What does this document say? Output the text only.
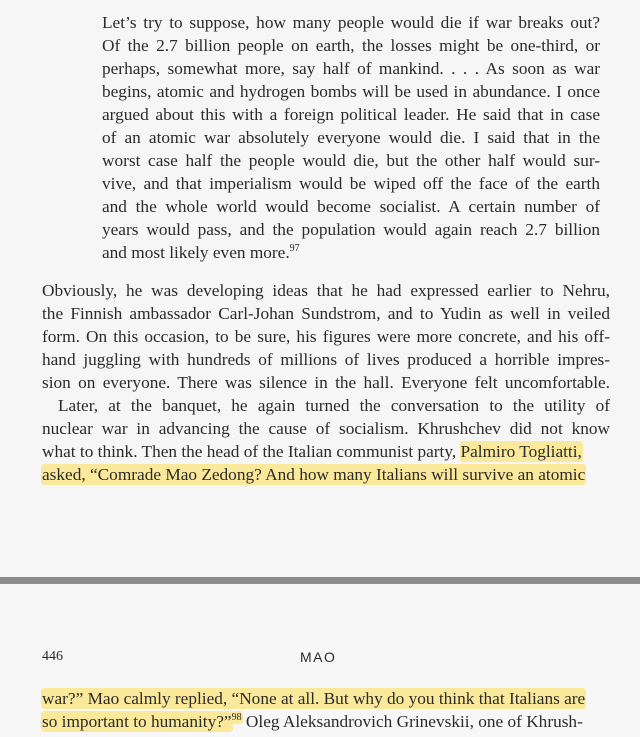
Let’s try to suppose, how many people would die if war breaks out?
Of the 2.7 billion people on earth, the losses might be one-third, or
perhaps, somewhat more, say half of mankind. . . . As soon as war
begins, atomic and hydrogen bombs will be used in abundance. I once
argued about this with a foreign political leader. He said that in case
of an atomic war absolutely everyone would die. I said that in the
worst case half the people would die, but the other half would sur-
vive, and that imperialism would be wiped off the face of the earth
and the whole world would become socialist. A certain number of
years would pass, and the population would again reach 2.7 billion
and most likely even more.$^{97}$
Obviously, he was developing ideas that he had expressed earlier to Nehru,
the Finnish ambassador Carl-Johan Sundstrom, and to Yudin as well in veiled
form. On this occasion, to be sure, his figures were more concrete, and his off-
hand juggling with hundreds of millions of lives produced a horrible impres-
sion on everyone. There was silence in the hall. Everyone felt uncomfortable.
Later, at the banquet, he again turned the conversation to the utility of
nuclear war in advancing the cause of socialism. Khrushchev did not know
what to think. Then the head of the Italian communist party, Palmiro Togliatti,
asked, “Comrade Mao Zedong? And how many Italians will survive an atomic
446	MAO
war?” Mao calmly replied, “None at all. But why do you think that Italians are
so important to humanity?”$^{98}$ Oleg Aleksandrovich Grinevskii, one of Khrush-
